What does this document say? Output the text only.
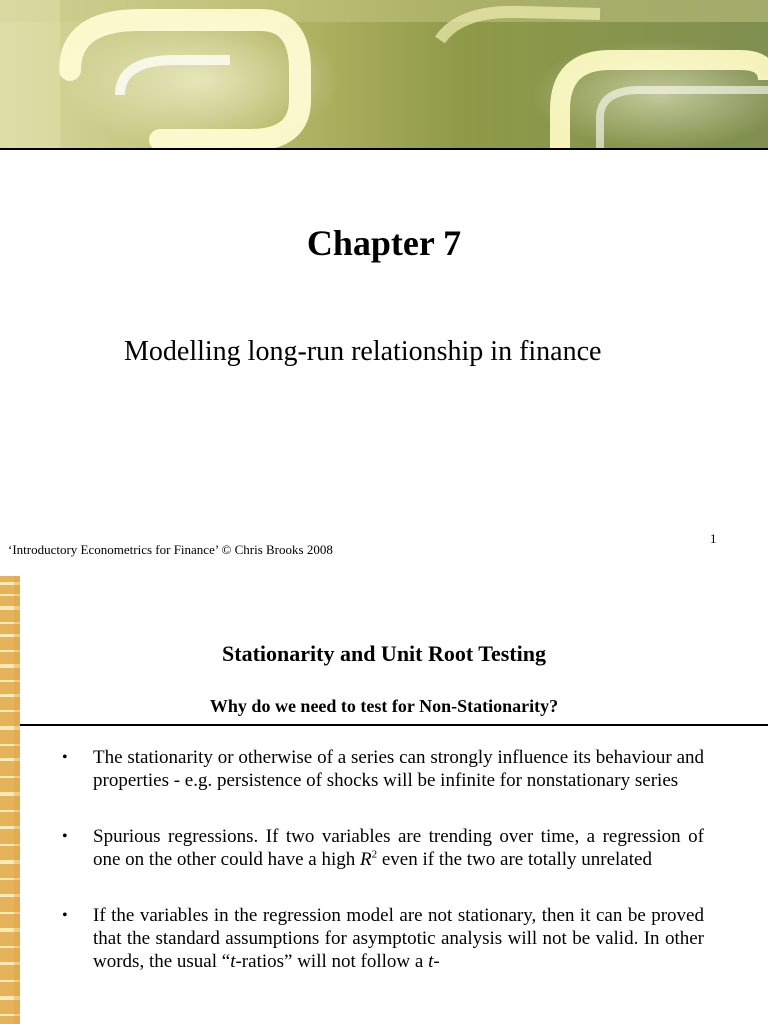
Chapter 7
Modelling long-run relationship in finance
1
‘Introductory Econometrics for Finance’ © Chris Brooks 2008
Stationarity and Unit Root Testing
Why do we need to test for Non-Stationarity?
• The stationarity or otherwise of a series can strongly influence its behaviour and properties - e.g. persistence of shocks will be infinite for nonstationary series
• Spurious regressions. If two variables are trending over time, a regression of one on the other could have a high $R^2$ even if the two are totally unrelated
• If the variables in the regression model are not stationary, then it can be proved that the standard assumptions for asymptotic analysis will not be valid. In other words, the usual “t-ratios” will not follow a t-
